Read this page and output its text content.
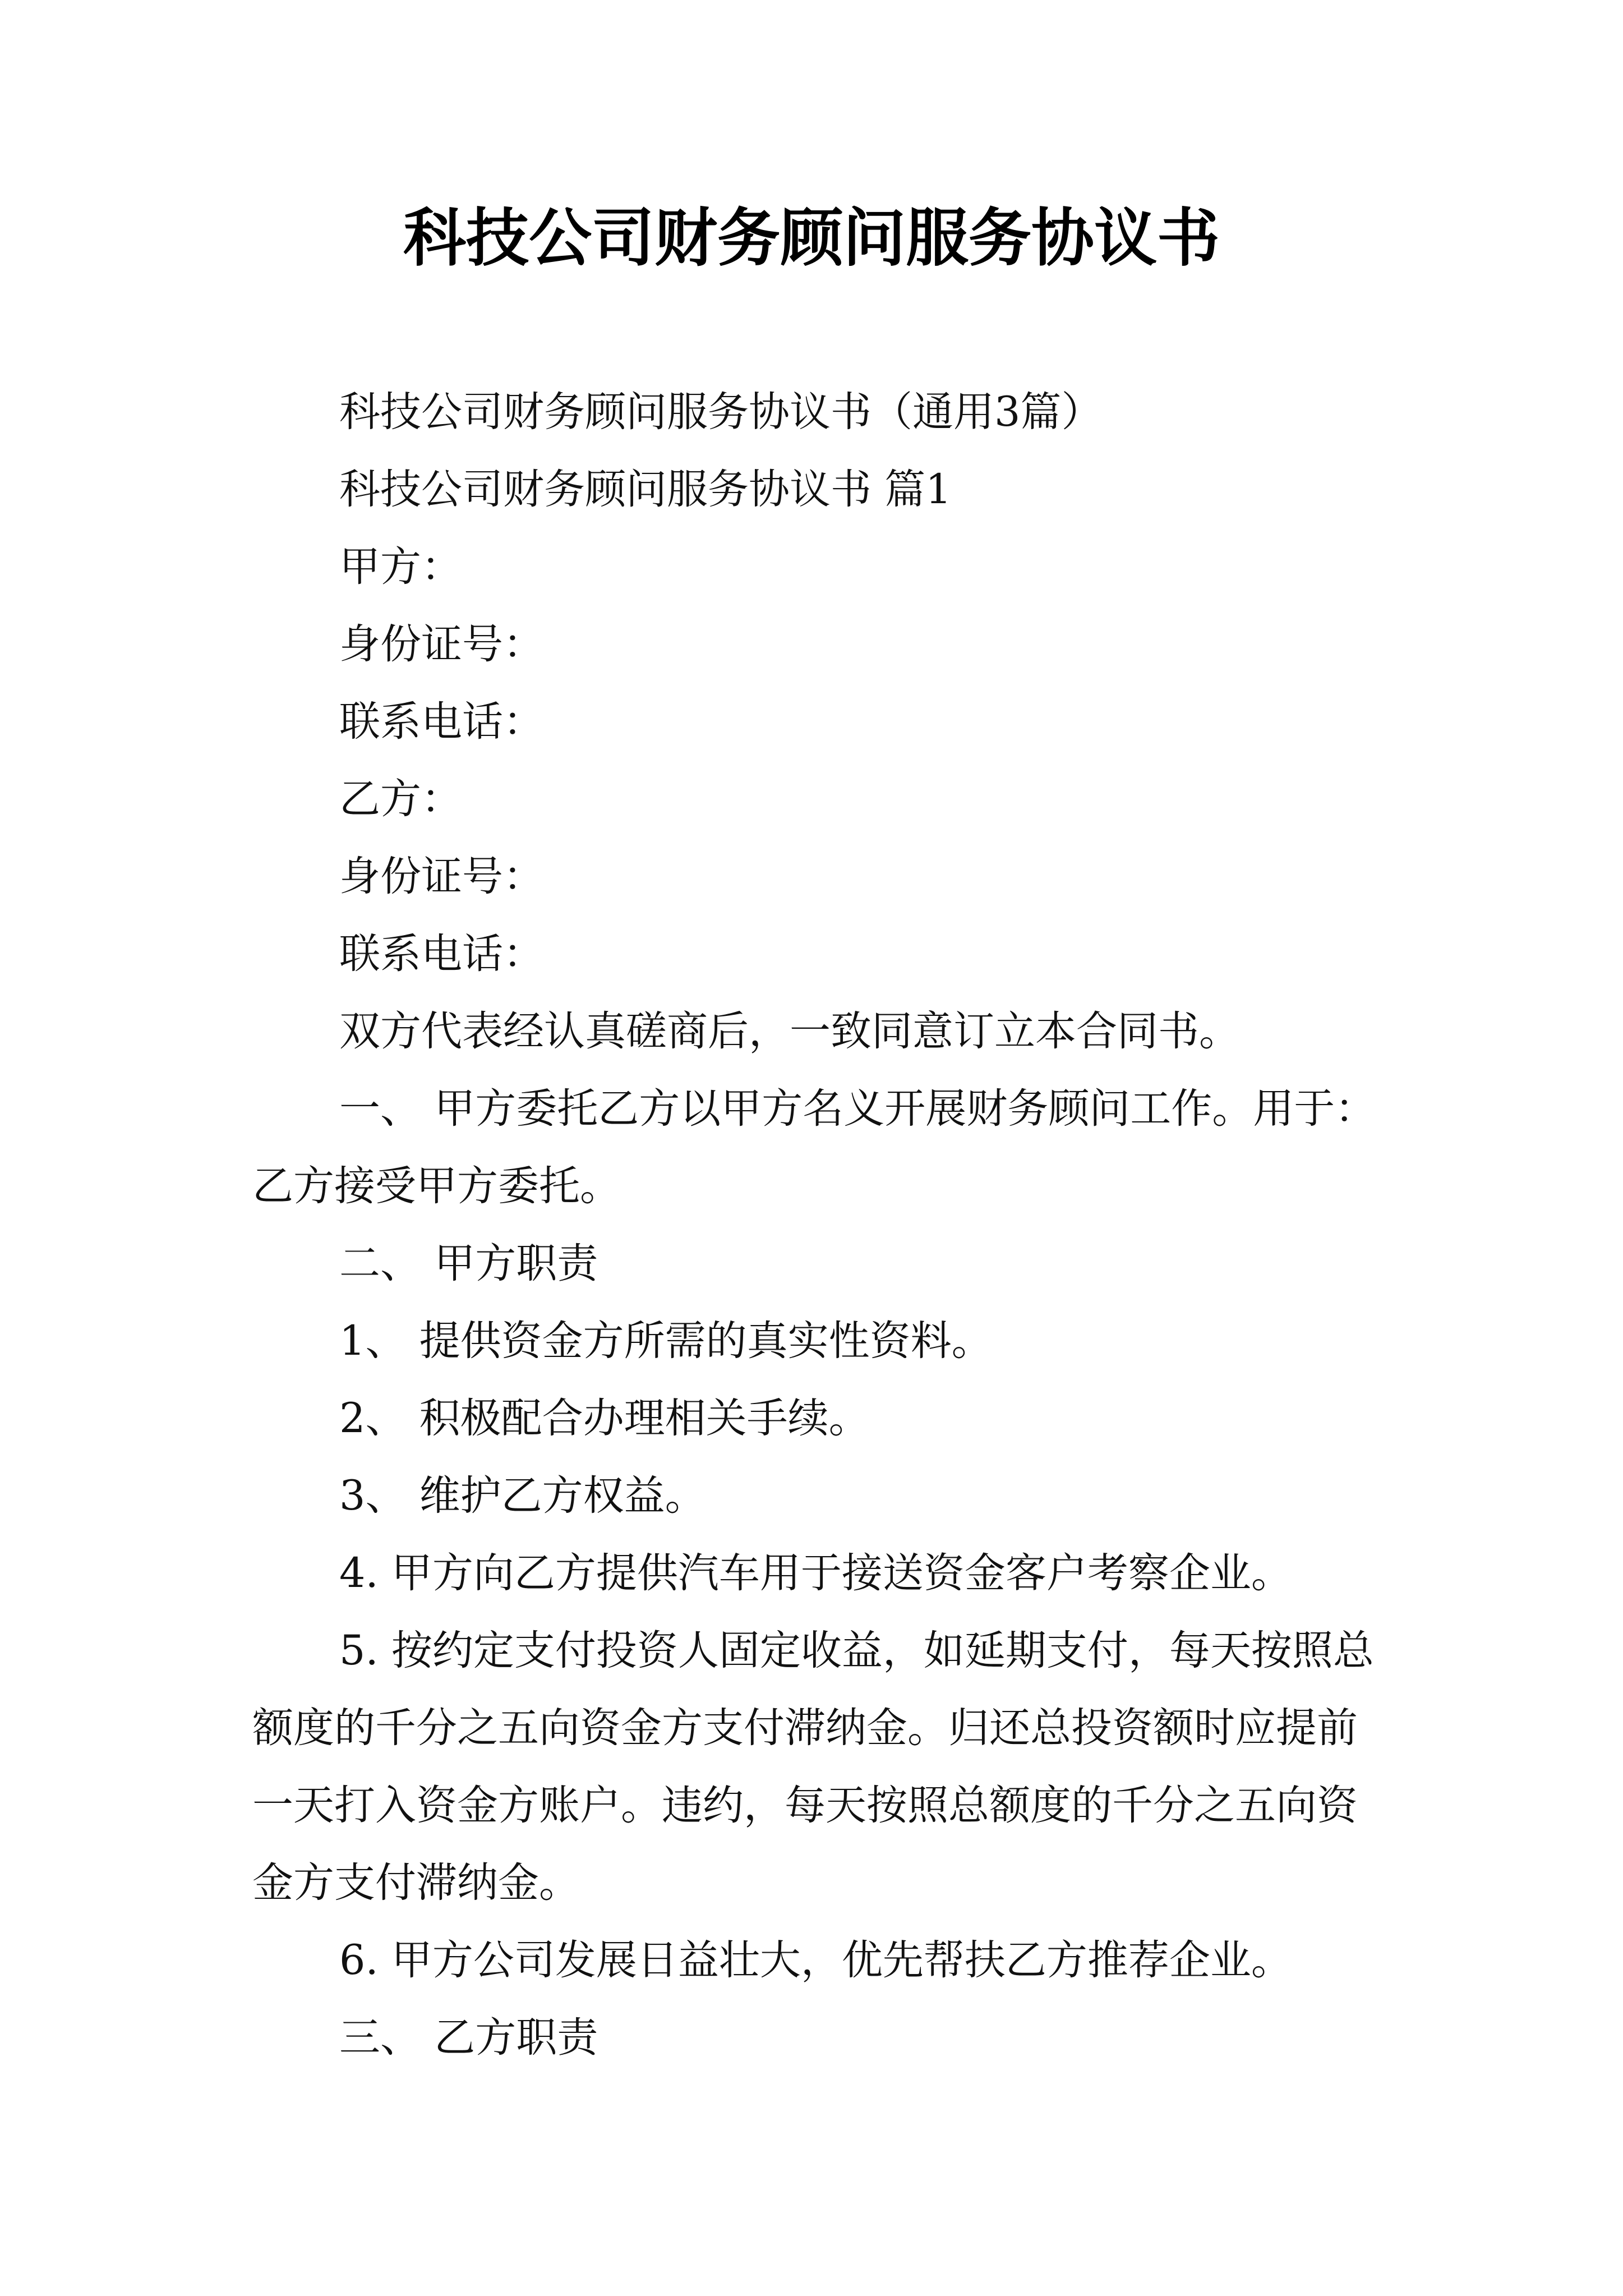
科技公司财务顾问服务协议书

科技公司财务顾问服务协议书（通用3篇）

科技公司财务顾问服务协议书 篇1

甲方：

身份证号：

联系电话：

乙方：

身份证号：

联系电话：

双方代表经认真磋商后，一致同意订立本合同书。

一、 甲方委托乙方以甲方名义开展财务顾问工作。用于：乙方接受甲方委托。

二、 甲方职责

1、 提供资金方所需的真实性资料。

2、 积极配合办理相关手续。

3、 维护乙方权益。

4. 甲方向乙方提供汽车用于接送资金客户考察企业。

5. 按约定支付投资人固定收益，如延期支付，每天按照总额度的千分之五向资金方支付滞纳金。归还总投资额时应提前一天打入资金方账户。违约，每天按照总额度的千分之五向资金方支付滞纳金。

6. 甲方公司发展日益壮大，优先帮扶乙方推荐企业。

三、 乙方职责
